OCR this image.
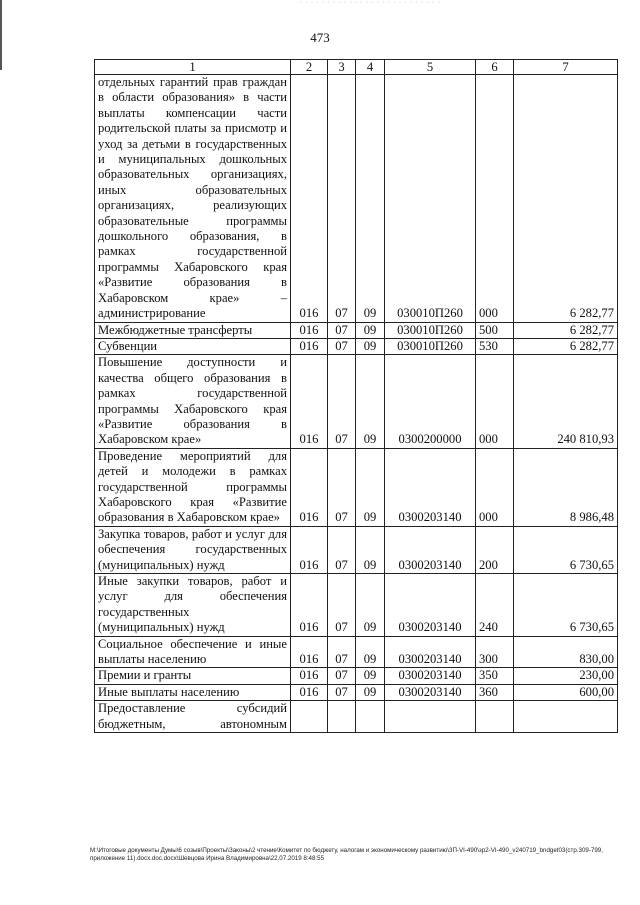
· · · · · · · · · · · · · · · · · · · · · · · · · ·
473
1	2	3	4	5	6	7
отдельных гарантий прав граждан в области образования» в части выплаты компенсации части родительской платы за присмотр и уход за детьми в государственных и муниципальных дошкольных образовательных организациях, иных образовательных организациях, реализующих образовательные программы дошкольного образования, в рамках государственной программы Хабаровского края «Развитие образования в Хабаровском крае» – администрирование	016	07	09	030010П260	000	6 282,77
Межбюджетные трансферты	016	07	09	030010П260	500	6 282,77
Субвенции	016	07	09	030010П260	530	6 282,77
Повышение доступности и качества общего образования в рамках государственной программы Хабаровского края «Развитие образования в Хабаровском крае»	016	07	09	0300200000	000	240 810,93
Проведение мероприятий для детей и молодежи в рамках государственной программы Хабаровского края «Развитие образования в Хабаровском крае»	016	07	09	0300203140	000	8 986,48
Закупка товаров, работ и услуг для обеспечения государственных (муниципальных) нужд	016	07	09	0300203140	200	6 730,65
Иные закупки товаров, работ и услуг для обеспечения государственных (муниципальных) нужд	016	07	09	0300203140	240	6 730,65
Социальное обеспечение и иные выплаты населению	016	07	09	0300203140	300	830,00
Премии и гранты	016	07	09	0300203140	350	230,00
Иные выплаты населению	016	07	09	0300203140	360	600,00
Предоставление субсидий бюджетным, автономным						
M:\Итоговые документы Думы\6 созыв\Проекты\Законы\2 чтение\Комитет по бюджету, налогам и экономическому развитию\3П-VI-490\зр2-VI-490_v240719_bndget03(стр.309-799, приложение 11).docx.doc.docx\Шевцова Ирина Владимировна\22.07.2019 8:48:55
